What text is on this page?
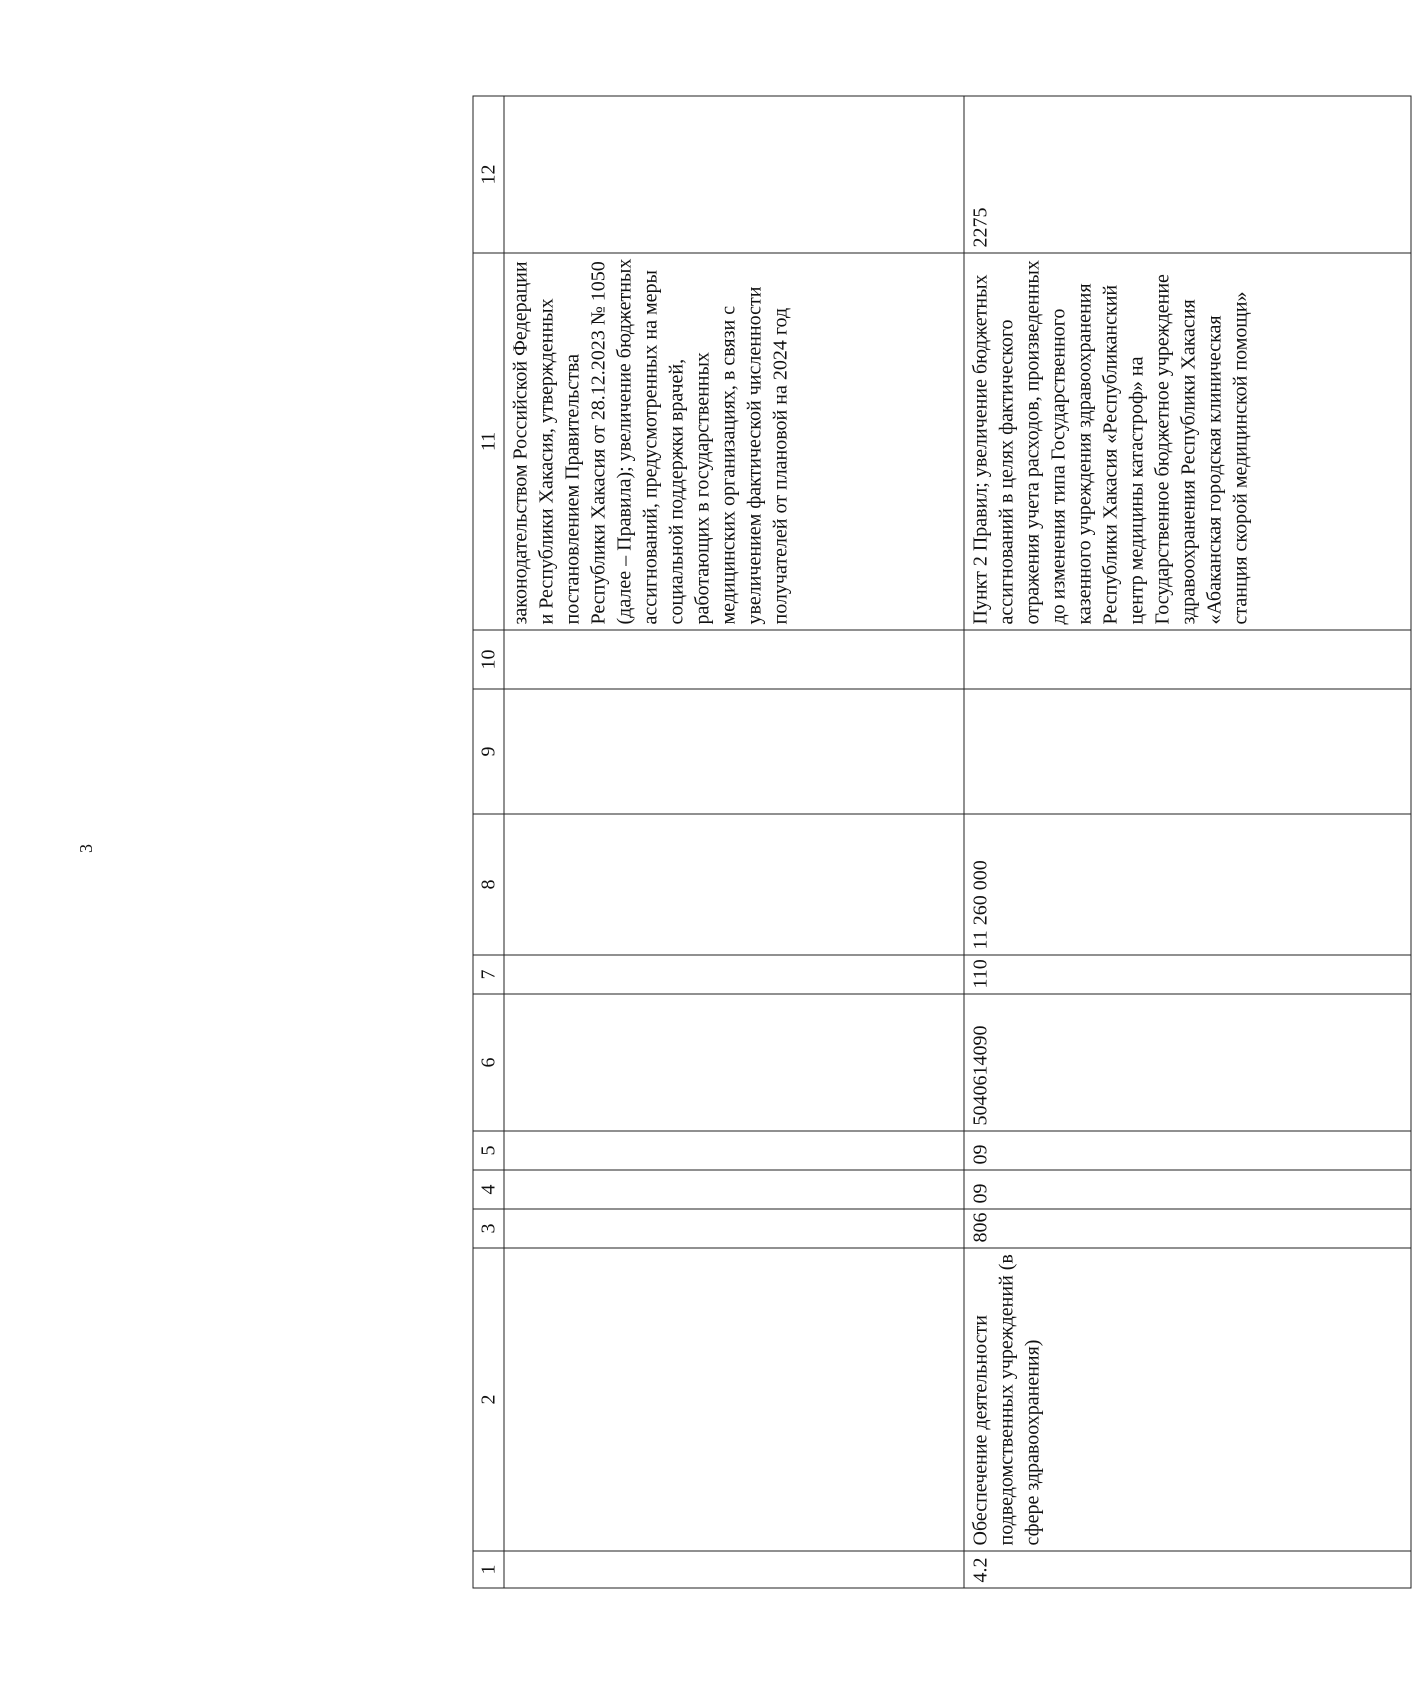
3
1	2	3	4	5	6	7	8	9	10	11	12
										законодательством Российской Федерации и Республики Хакасия, утвержденных постановлением Правительства Республики Хакасия от 28.12.2023 № 1050 (далее – Правила); увеличение бюджетных ассигнований, предусмотренных на меры социальной поддержки врачей, работающих в государственных медицинских организациях, в связи с увеличением фактической численности получателей от плановой на 2024 год	
4.2	Обеспечение деятельности подведомственных учреждений (в сфере здравоохранения)	806	09	09	5040614090	110	11 260 000			Пункт 2 Правил; увеличение бюджетных ассигнований в целях фактического отражения учета расходов, произведенных до изменения типа Государственного казенного учреждения здравоохранения Республики Хакасия «Республиканский центр медицины катастроф» на Государственное бюджетное учреждение здравоохранения Республики Хакасия «Абаканская городская клиническая станция скорой медицинской помощи»	2275
